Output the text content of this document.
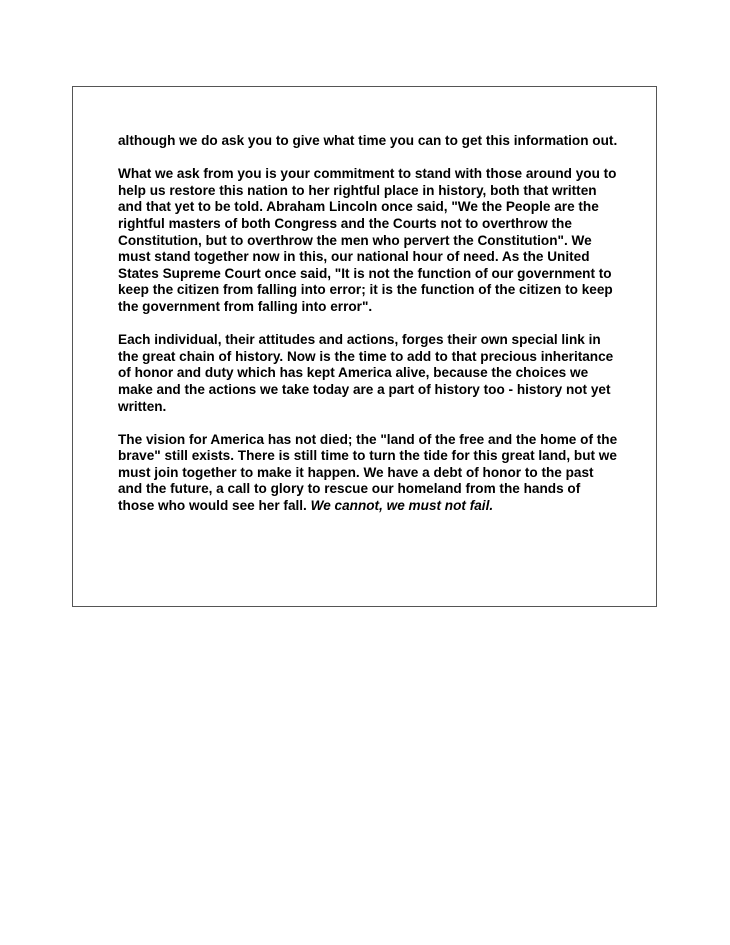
although we do ask you to give what time you can to get this information out.

What we ask from you is your commitment to stand with those around you to help us restore this nation to her rightful place in history, both that written and that yet to be told. Abraham Lincoln once said, "We the People are the rightful masters of both Congress and the Courts not to overthrow the Constitution, but to overthrow the men who pervert the Constitution". We must stand together now in this, our national hour of need. As the United States Supreme Court once said, "It is not the function of our government to keep the citizen from falling into error; it is the function of the citizen to keep the government from falling into error".

Each individual, their attitudes and actions, forges their own special link in the great chain of history. Now is the time to add to that precious inheritance of honor and duty which has kept America alive, because the choices we make and the actions we take today are a part of history too - history not yet written.

The vision for America has not died; the "land of the free and the home of the brave" still exists. There is still time to turn the tide for this great land, but we must join together to make it happen. We have a debt of honor to the past and the future, a call to glory to rescue our homeland from the hands of those who would see her fall. We cannot, we must not fail.
